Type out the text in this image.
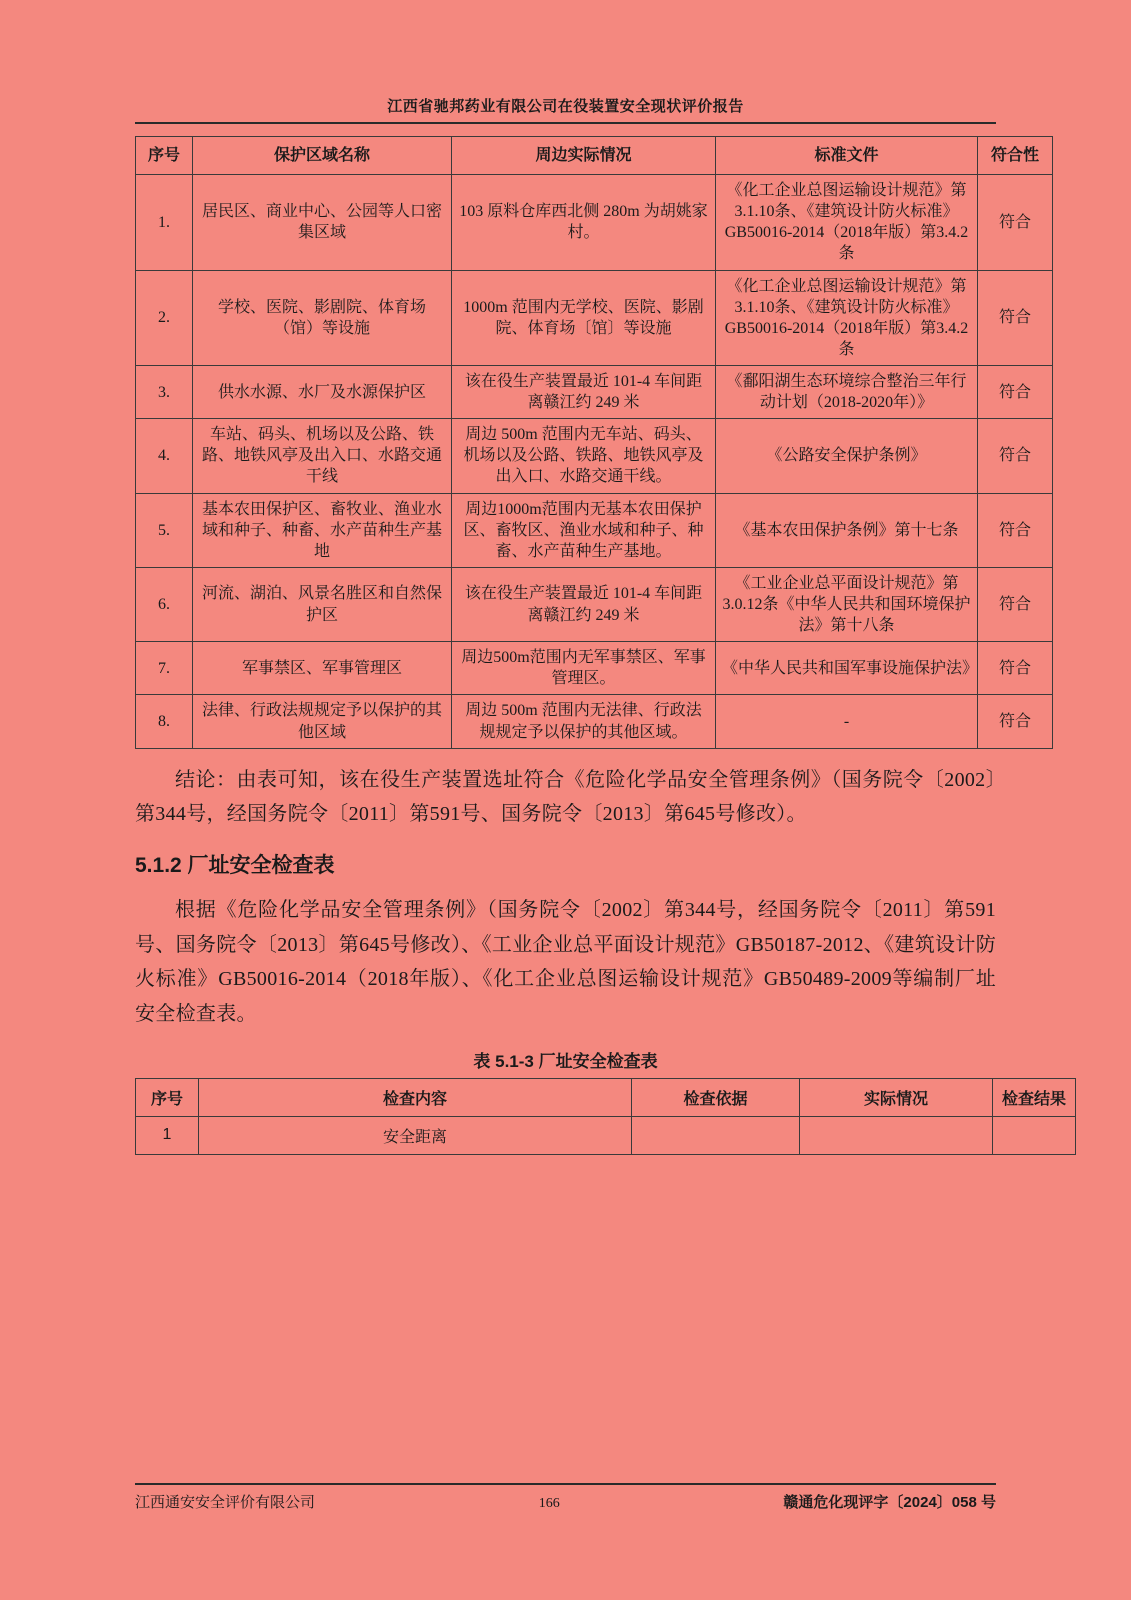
江西省驰邦药业有限公司在役装置安全现状评价报告
序号	保护区域名称	周边实际情况	标准文件	符合性
1.	居民区、商业中心、公园等人口密集区域	103 原料仓库西北侧 280m 为胡姚家村。	《化工企业总图运输设计规范》第3.1.10条、《建筑设计防火标准》GB50016-2014（2018年版）第3.4.2条	符合
2.	学校、医院、影剧院、体育场（馆）等设施	1000m 范围内无学校、医院、影剧院、体育场〔馆〕等设施	《化工企业总图运输设计规范》第3.1.10条、《建筑设计防火标准》GB50016-2014（2018年版）第3.4.2条	符合
3.	供水水源、水厂及水源保护区	该在役生产装置最近 101-4 车间距离赣江约 249 米	《鄱阳湖生态环境综合整治三年行动计划（2018-2020年）》	符合
4.	车站、码头、机场以及公路、铁路、地铁风亭及出入口、水路交通干线	周边 500m 范围内无车站、码头、机场以及公路、铁路、地铁风亭及出入口、水路交通干线。	《公路安全保护条例》	符合
5.	基本农田保护区、畜牧业、渔业水域和种子、种畜、水产苗种生产基地	周边1000m范围内无基本农田保护区、畜牧区、渔业水域和种子、种畜、水产苗种生产基地。	《基本农田保护条例》第十七条	符合
6.	河流、湖泊、风景名胜区和自然保护区	该在役生产装置最近 101-4 车间距离赣江约 249 米	《工业企业总平面设计规范》第3.0.12条《中华人民共和国环境保护法》第十八条	符合
7.	军事禁区、军事管理区	周边500m范围内无军事禁区、军事管理区。	《中华人民共和国军事设施保护法》	符合
8.	法律、行政法规规定予以保护的其他区域	周边 500m 范围内无法律、行政法规规定予以保护的其他区域。	-	符合

结论：由表可知，该在役生产装置选址符合《危险化学品安全管理条例》（国务院令〔2002〕第344号，经国务院令〔2011〕第591号、国务院令〔2013〕第645号修改）。

5.1.2 厂址安全检查表

根据《危险化学品安全管理条例》（国务院令〔2002〕第344号，经国务院令〔2011〕第591号、国务院令〔2013〕第645号修改）、《工业企业总平面设计规范》GB50187-2012、《建筑设计防火标准》GB50016-2014（2018年版）、《化工企业总图运输设计规范》GB50489-2009等编制厂址安全检查表。

表 5.1-3 厂址安全检查表
序号	检查内容	检查依据	实际情况	检查结果
1	安全距离			
江西通安安全评价有限公司	166	赣通危化现评字〔2024〕058 号
